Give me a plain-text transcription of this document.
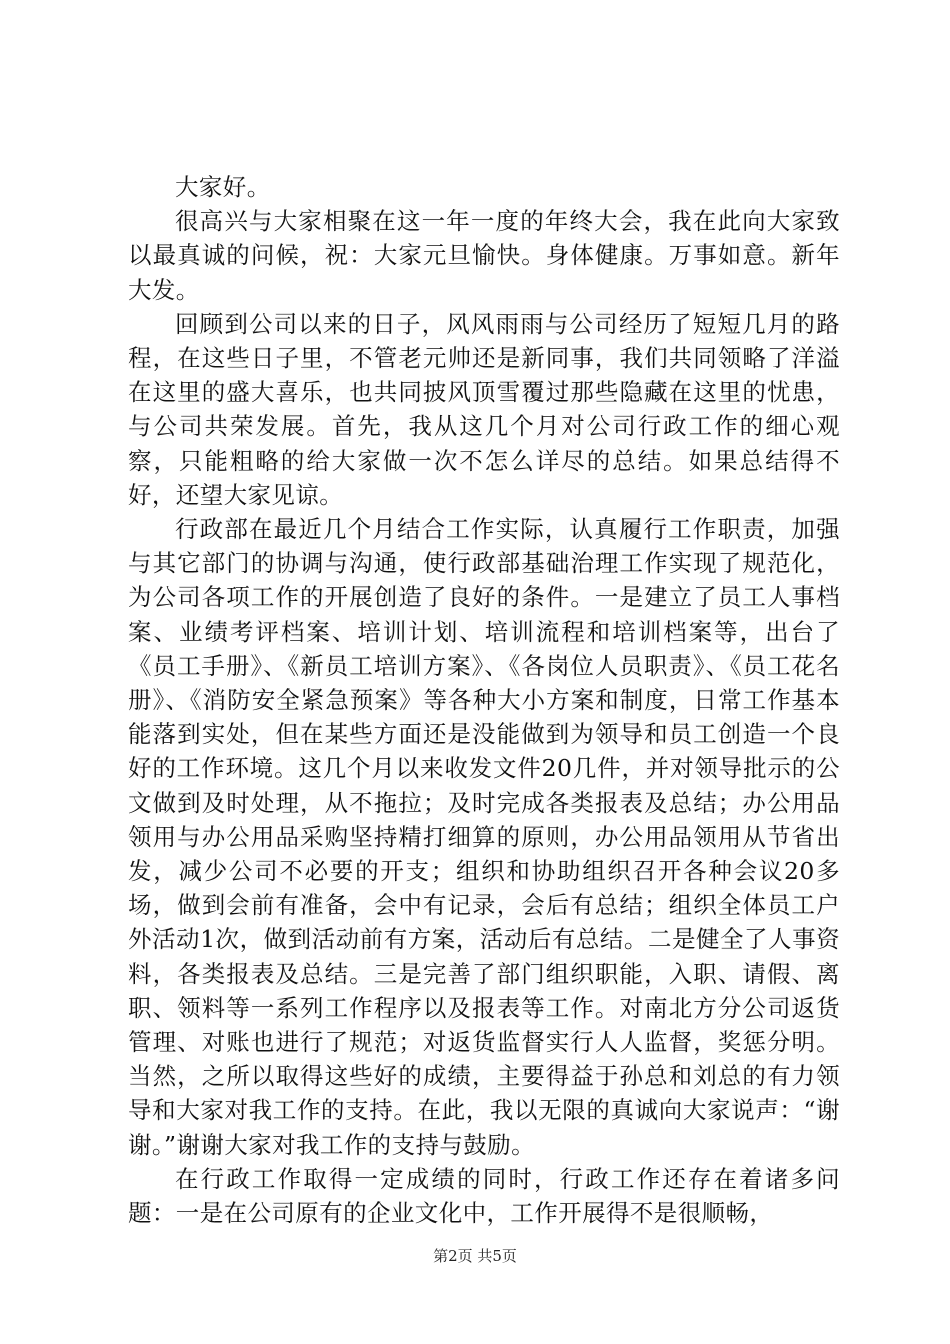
大家好。

很高兴与大家相聚在这一年一度的年终大会，我在此向大家致以最真诚的问候，祝：大家元旦愉快。身体健康。万事如意。新年大发。

回顾到公司以来的日子，风风雨雨与公司经历了短短几月的路程，在这些日子里，不管老元帅还是新同事，我们共同领略了洋溢在这里的盛大喜乐，也共同披风顶雪覆过那些隐藏在这里的忧患，与公司共荣发展。首先，我从这几个月对公司行政工作的细心观察，只能粗略的给大家做一次不怎么详尽的总结。如果总结得不好，还望大家见谅。

行政部在最近几个月结合工作实际，认真履行工作职责，加强与其它部门的协调与沟通，使行政部基础治理工作实现了规范化，为公司各项工作的开展创造了良好的条件。一是建立了员工人事档案、业绩考评档案、培训计划、培训流程和培训档案等，出台了《员工手册》、《新员工培训方案》、《各岗位人员职责》、《员工花名册》、《消防安全紧急预案》等各种大小方案和制度，日常工作基本能落到实处，但在某些方面还是没能做到为领导和员工创造一个良好的工作环境。这几个月以来收发文件20几件，并对领导批示的公文做到及时处理，从不拖拉；及时完成各类报表及总结；办公用品领用与办公用品采购坚持精打细算的原则，办公用品领用从节省出发，减少公司不必要的开支；组织和协助组织召开各种会议20多场，做到会前有准备，会中有记录，会后有总结；组织全体员工户外活动1次，做到活动前有方案，活动后有总结。二是健全了人事资料，各类报表及总结。三是完善了部门组织职能，入职、请假、离职、领料等一系列工作程序以及报表等工作。对南北方分公司返货管理、对账也进行了规范；对返货监督实行人人监督，奖惩分明。当然，之所以取得这些好的成绩，主要得益于孙总和刘总的有力领导和大家对我工作的支持。在此，我以无限的真诚向大家说声：“谢谢。”谢谢大家对我工作的支持与鼓励。

在行政工作取得一定成绩的同时，行政工作还存在着诸多问题：一是在公司原有的企业文化中，工作开展得不是很顺畅，

第2页 共5页
